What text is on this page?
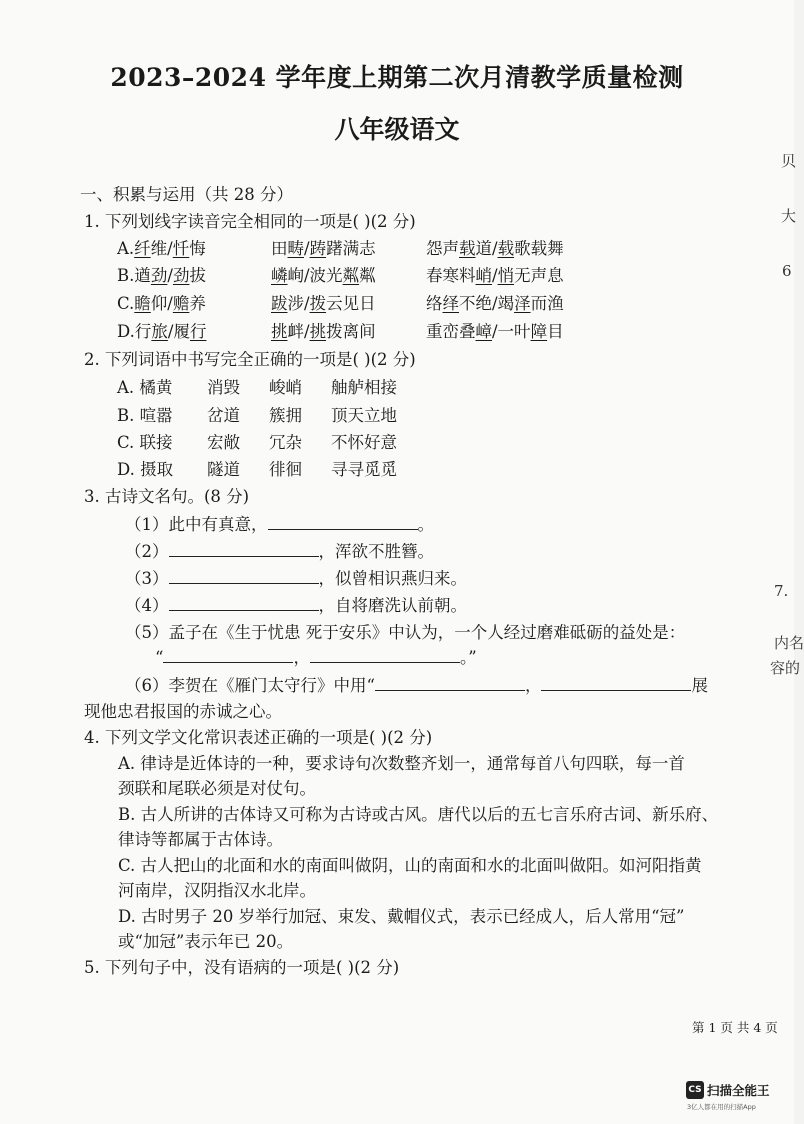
2023–2024 学年度上期第二次月清教学质量检测
八年级语文
一、积累与运用（共 28 分）
1. 下列划线字读音完全相同的一项是( )(2 分)
A.纤维/忏悔	田畴/踌躇满志	怨声载道/载歌载舞
B.遒劲/劲拔	嶙峋/波光粼粼	春寒料峭/悄无声息
C.瞻仰/赡养	跋涉/拨云见日	络绎不绝/竭泽而渔
D.行旅/履行	挑衅/挑拨离间	重峦叠嶂/一叶障目
2. 下列词语中书写完全正确的一项是( )(2 分)
A. 橘黄 消毁 峻峭 舳舻相接
B. 喧嚣 岔道 簇拥 顶天立地
C. 联接 宏敞 冗杂 不怀好意
D. 摄取 隧道 徘徊 寻寻觅觅
3. 古诗文名句。(8 分)
（1）此中有真意，	。
（2）	，浑欲不胜簪。
（3）	，似曾相识燕归来。
（4）	，自将磨洗认前朝。
（5）孟子在《生于忧患 死于安乐》中认为，一个人经过磨难砥砺的益处是：
“	，	。”
（6）李贺在《雁门太守行》中用“	，	展
现他忠君报国的赤诚之心。
4. 下列文学文化常识表述正确的一项是( )(2 分)
A. 律诗是近体诗的一种，要求诗句次数整齐划一，通常每首八句四联，每一首
颈联和尾联必须是对仗句。
B. 古人所讲的古体诗又可称为古诗或古风。唐代以后的五七言乐府古词、新乐府、
律诗等都属于古体诗。
C. 古人把山的北面和水的南面叫做阴，山的南面和水的北面叫做阳。如河阳指黄
河南岸，汉阴指汉水北岸。
D. 古时男子 20 岁举行加冠、束发、戴帽仪式，表示已经成人，后人常用“冠”
或“加冠”表示年已 20。
5. 下列句子中，没有语病的一项是( )(2 分)
贝
大
6
7.
内名
容的
第 1 页 共 4 页
CS 扫描全能王
3亿人都在用的扫描App
